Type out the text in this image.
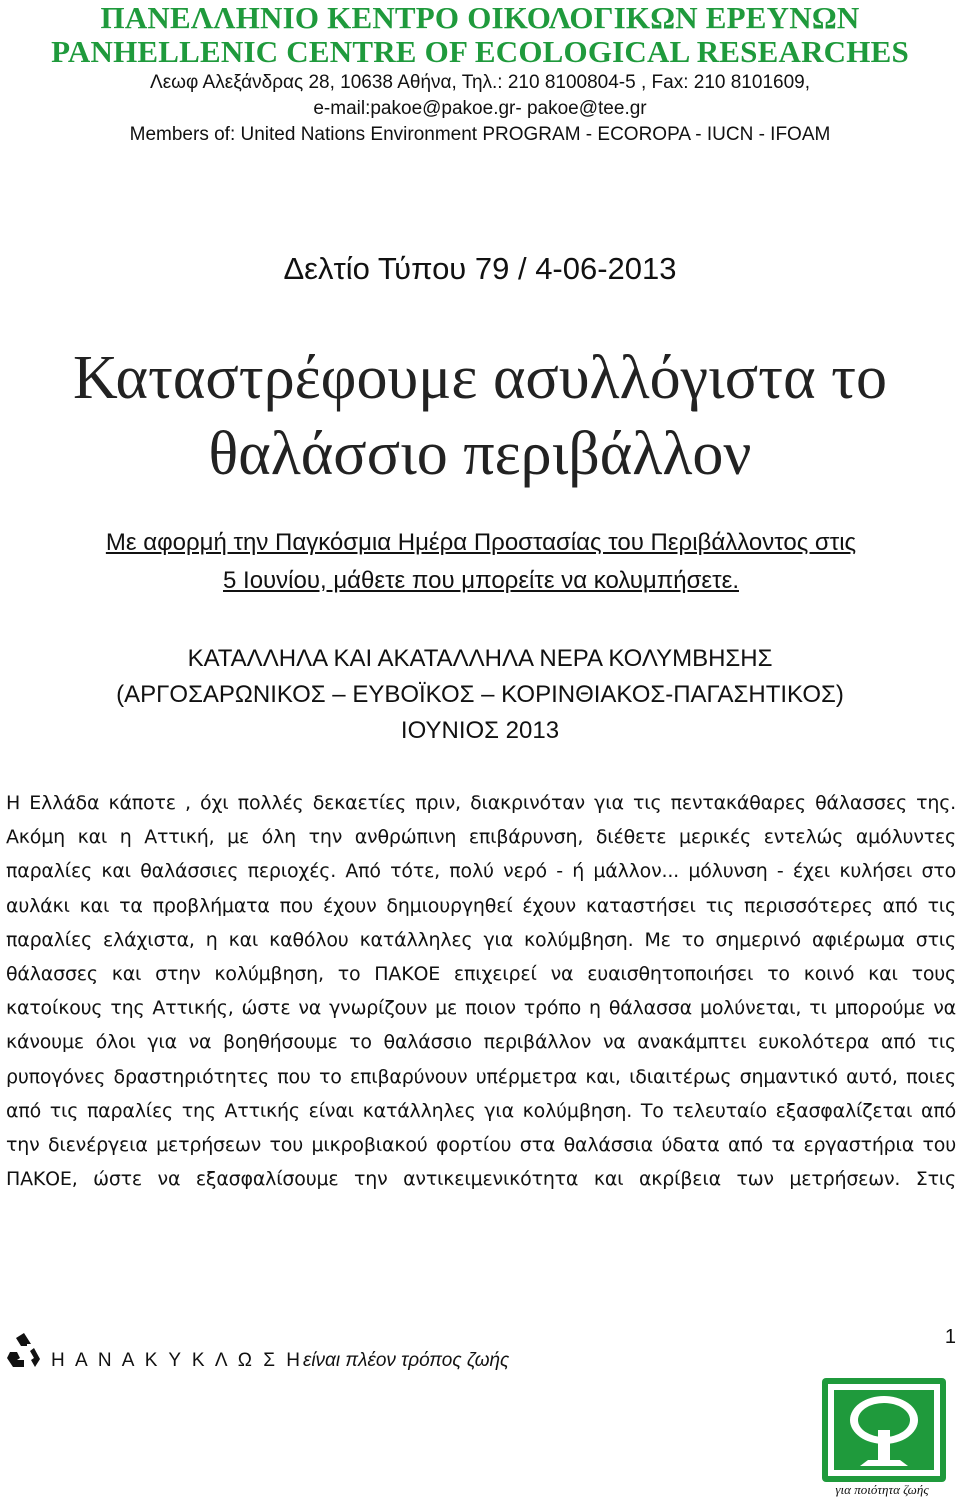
ΠΑΝΕΛΛΗΝΙΟ ΚΕΝΤΡΟ ΟΙΚΟΛΟΓΙΚΩΝ ΕΡΕΥΝΩΝ
PANHELLENIC CENTRE OF ECOLOGICAL RESEARCHES
Λεωφ Αλεξάνδρας 28, 10638 Αθήνα, Τηλ.: 210 8100804-5 , Fax: 210 8101609,
e-mail:pakoe@pakoe.gr- pakoe@tee.gr
Members of: United Nations Environment PROGRAM - ECOROPA - IUCN - IFOAM
Δελτίο Τύπου 79 / 4-06-2013
Καταστρέφουμε ασυλλόγιστα το
θαλάσσιο περιβάλλον
Με αφορμή την Παγκόσμια Ημέρα Προστασίας του Περιβάλλοντος στις
5 Ιουνίου, μάθετε που μπορείτε να κολυμπήσετε.
ΚΑΤΑΛΛΗΛΑ ΚΑΙ ΑΚΑΤΑΛΛΗΛΑ ΝΕΡΑ ΚΟΛΥΜΒΗΣΗΣ
(ΑΡΓΟΣΑΡΩΝΙΚΟΣ – ΕΥΒΟΪΚΟΣ – ΚΟΡΙΝΘΙΑΚΟΣ-ΠΑΓΑΣΗΤΙΚΟΣ)
ΙΟΥΝΙΟΣ 2013

Η Ελλάδα κάποτε , όχι πολλές δεκαετίες πριν, διακρινόταν για τις πεντακάθαρες θάλασσες της. Ακόμη και η Αττική, με όλη την ανθρώπινη επιβάρυνση, διέθετε μερικές εντελώς αμόλυντες παραλίες και θαλάσσιες περιοχές. Από τότε, πολύ νερό - ή μάλλον... μόλυνση - έχει κυλήσει στο αυλάκι και τα προβλήματα που έχουν δημιουργηθεί έχουν καταστήσει τις περισσότερες από τις παραλίες ελάχιστα, η και καθόλου κατάλληλες για κολύμβηση. Με το σημερινό αφιέρωμα στις θάλασσες και στην κολύμβηση, το ΠΑΚΟΕ επιχειρεί να ευαισθητοποιήσει το κοινό και τους κατοίκους της Αττικής, ώστε να γνωρίζουν με ποιον τρόπο η θάλασσα μολύνεται, τι μπορούμε να κάνουμε όλοι για να βοηθήσουμε το θαλάσσιο περιβάλλον να ανακάμπτει ευκολότερα από τις ρυπογόνες δραστηριότητες που το επιβαρύνουν υπέρμετρα και, ιδιαιτέρως σημαντικό αυτό, ποιες από τις παραλίες της Αττικής είναι κατάλληλες για κολύμβηση. Το τελευταίο εξασφαλίζεται από την διενέργεια μετρήσεων του μικροβιακού φορτίου στα θαλάσσια ύδατα από τα εργαστήρια του ΠΑΚΟΕ, ώστε να εξασφαλίσουμε την αντικειμενικότητα και ακρίβεια των μετρήσεων. Στις

Η Α Ν Α Κ Υ Κ Λ Ω Σ Ηείναι πλέον τρόπος ζωής
1
για ποιότητα ζωής
